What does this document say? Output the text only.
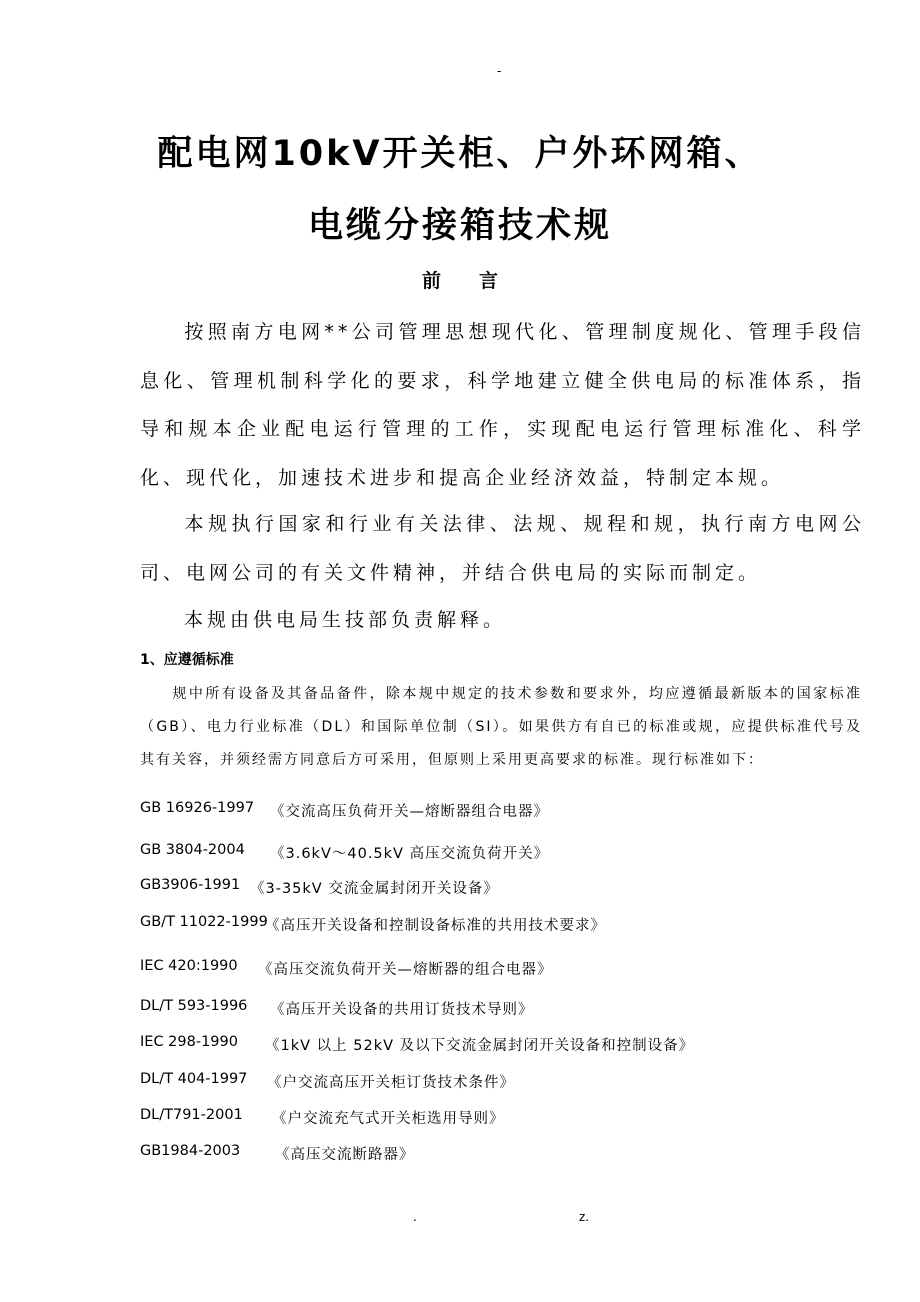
-
配电网10kV开关柜、户外环网箱、
电缆分接箱技术规
前　　言
按照南方电网**公司管理思想现代化、管理制度规化、管理手段信息化、管理机制科学化的要求，科学地建立健全供电局的标准体系，指导和规本企业配电运行管理的工作，实现配电运行管理标准化、科学化、现代化，加速技术进步和提高企业经济效益，特制定本规。
本规执行国家和行业有关法律、法规、规程和规，执行南方电网公司、电网公司的有关文件精神，并结合供电局的实际而制定。
本规由供电局生技部负责解释。
1、应遵循标准
规中所有设备及其备品备件，除本规中规定的技术参数和要求外，均应遵循最新版本的国家标准（GB）、电力行业标准（DL）和国际单位制（SI）。如果供方有自已的标准或规，应提供标准代号及其有关容，并须经需方同意后方可采用，但原则上采用更高要求的标准。现行标准如下：
GB 16926-1997 《交流高压负荷开关—熔断器组合电器》
GB 3804-2004 《3.6kV～40.5kV 高压交流负荷开关》
GB3906-1991 《3-35kV 交流金属封闭开关设备》
GB/T 11022-1999
《高压开关设备和控制设备标准的共用技术要求》
IEC 420:1990 《高压交流负荷开关—熔断器的组合电器》
DL/T 593-1996 《高压开关设备的共用订货技术导则》
IEC 298-1990 《1kV 以上 52kV 及以下交流金属封闭开关设备和控制设备》
DL/T 404-1997 《户交流高压开关柜订货技术条件》
DL/T791-2001 《户交流充气式开关柜选用导则》
GB1984-2003 《高压交流断路器》
.	z.
